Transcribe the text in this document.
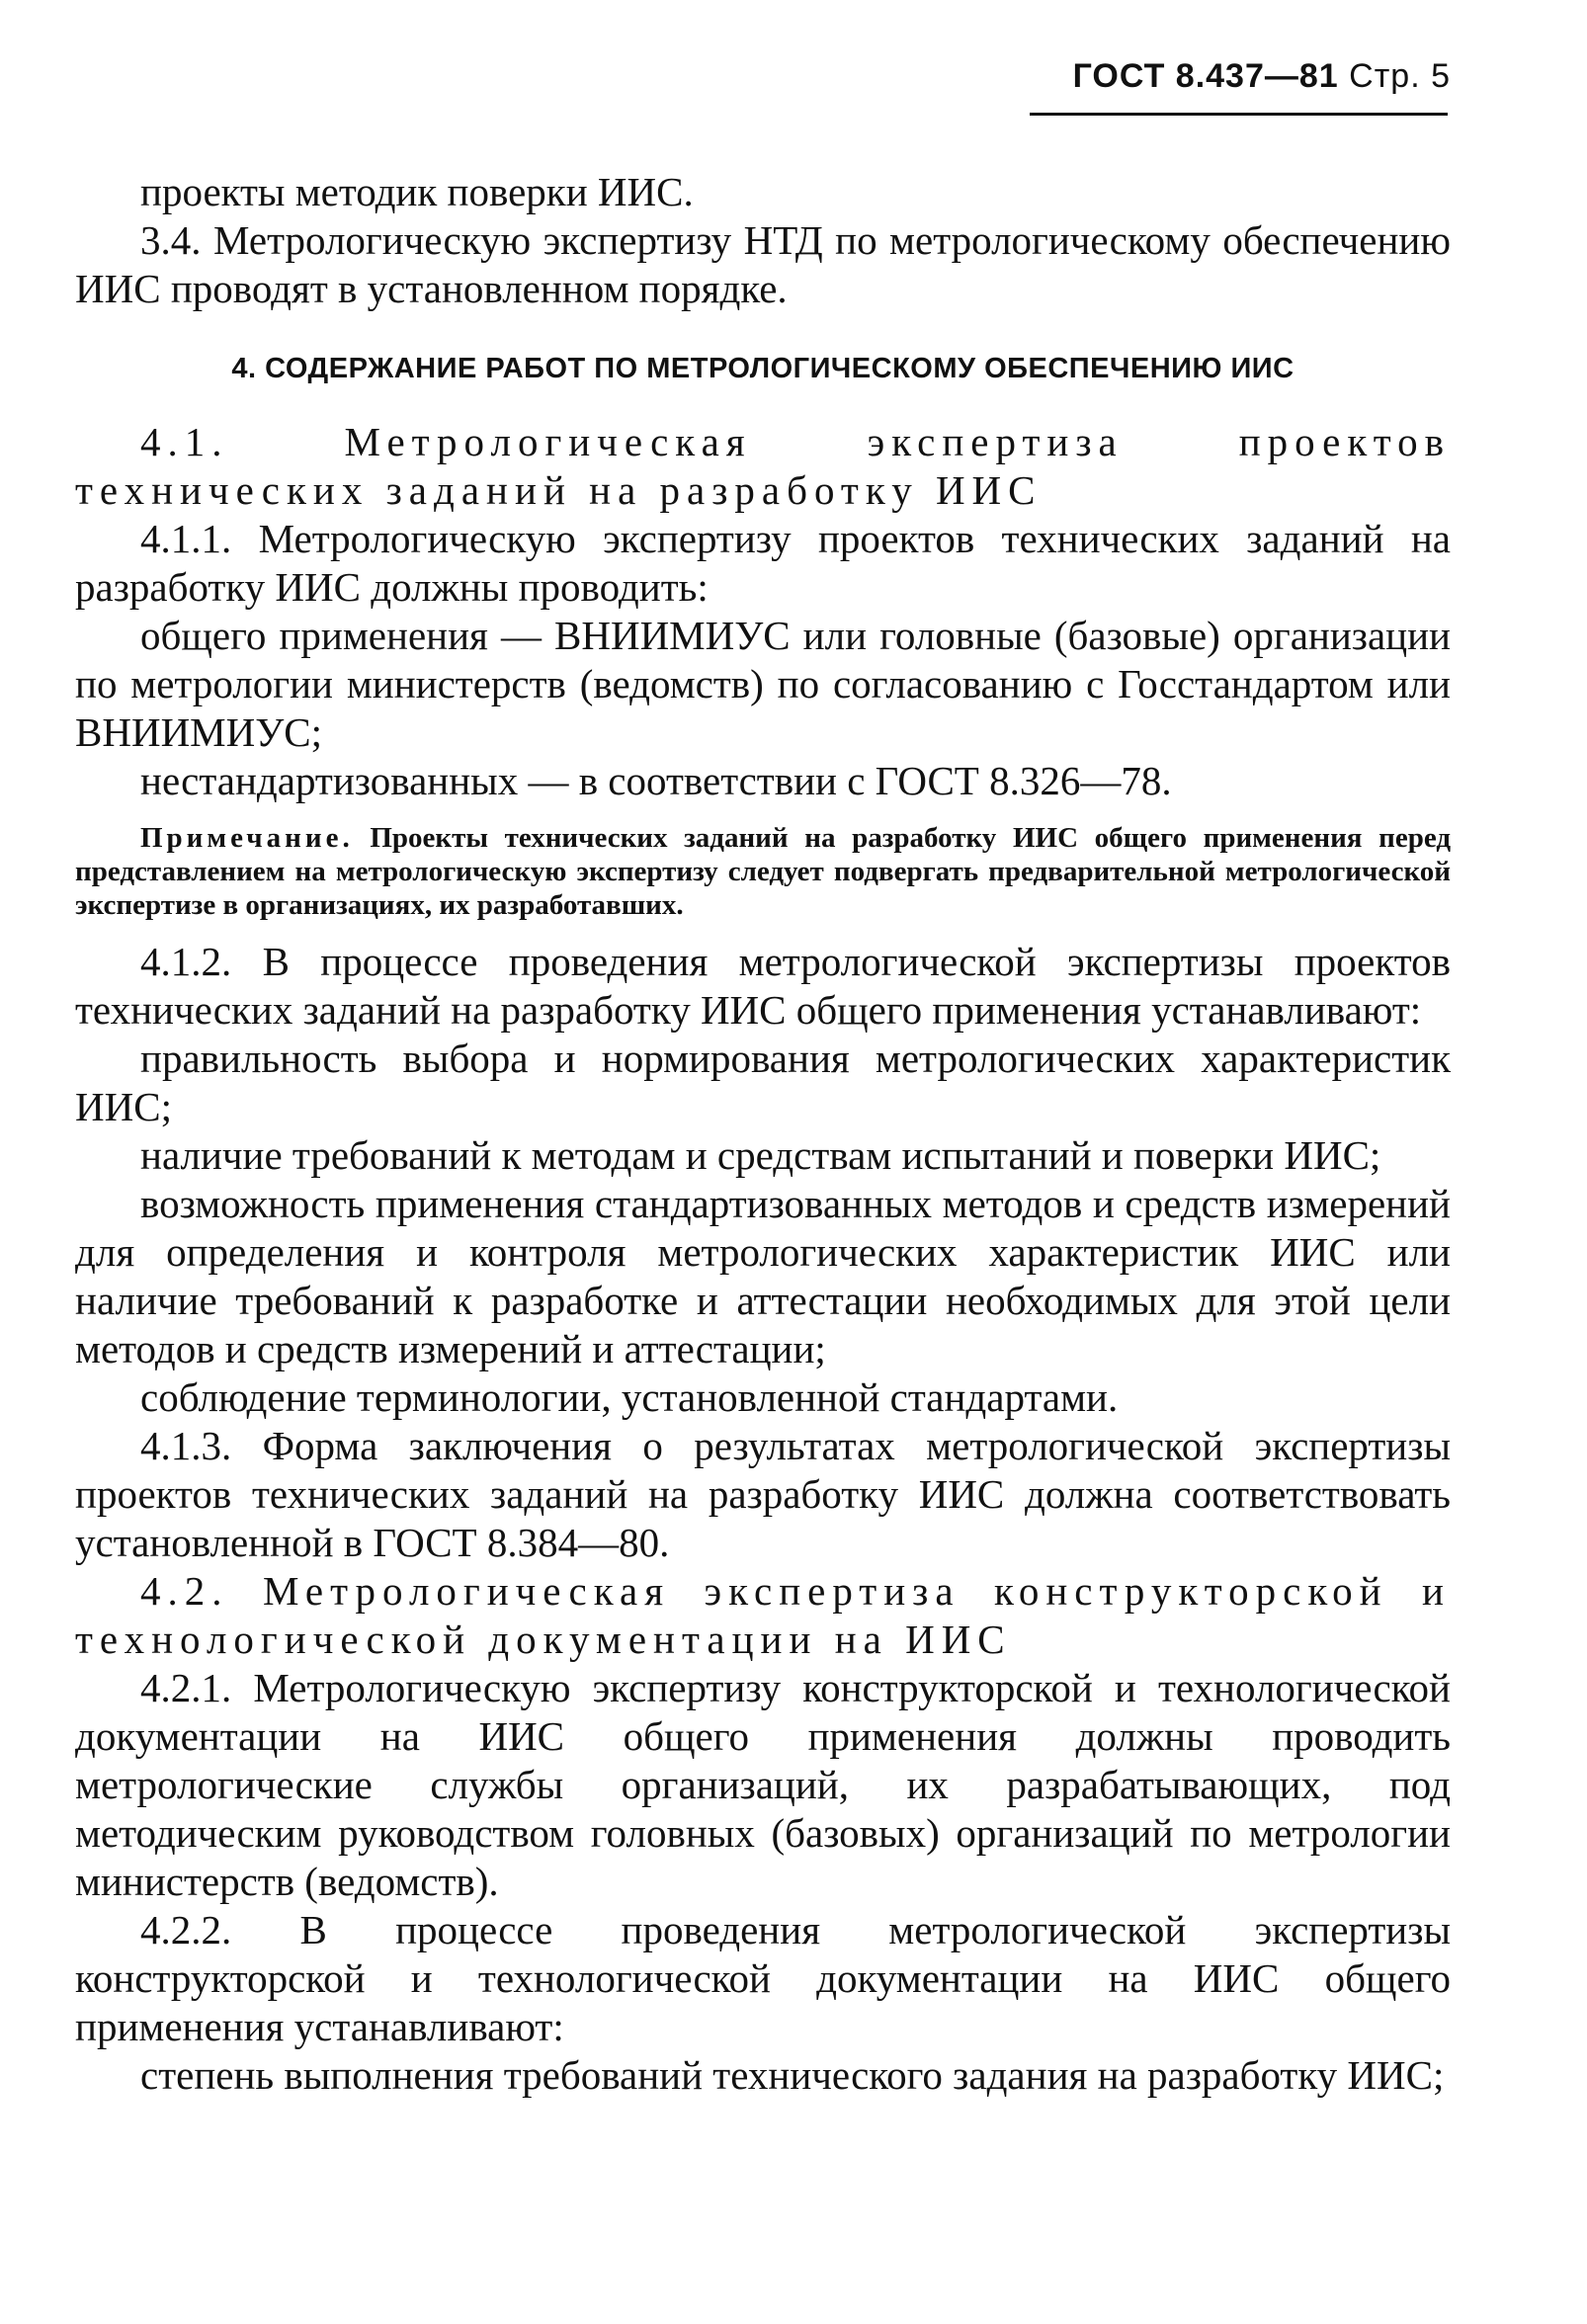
ГОСТ 8.437—81 Стр. 5

проекты методик поверки ИИС.

3.4. Метрологическую экспертизу НТД по метрологическому обеспечению ИИС проводят в установленном порядке.

4. СОДЕРЖАНИЕ РАБОТ ПО МЕТРОЛОГИЧЕСКОМУ ОБЕСПЕЧЕНИЮ ИИС

4.1. Метрологическая экспертиза проектов технических заданий на разработку ИИС

4.1.1. Метрологическую экспертизу проектов технических заданий на разработку ИИС должны проводить:

общего применения — ВНИИМИУС или головные (базовые) организации по метрологии министерств (ведомств) по согласованию с Госстандартом или ВНИИМИУС;

нестандартизованных — в соответствии с ГОСТ 8.326—78.

Примечание. Проекты технических заданий на разработку ИИС общего применения перед представлением на метрологическую экспертизу следует подвергать предварительной метрологической экспертизе в организациях, их разработавших.

4.1.2. В процессе проведения метрологической экспертизы проектов технических заданий на разработку ИИС общего применения устанавливают:

правильность выбора и нормирования метрологических характеристик ИИС;

наличие требований к методам и средствам испытаний и поверки ИИС;

возможность применения стандартизованных методов и средств измерений для определения и контроля метрологических характеристик ИИС или наличие требований к разработке и аттестации необходимых для этой цели методов и средств измерений и аттестации;

соблюдение терминологии, установленной стандартами.

4.1.3. Форма заключения о результатах метрологической экспертизы проектов технических заданий на разработку ИИС должна соответствовать установленной в ГОСТ 8.384—80.

4.2. Метрологическая экспертиза конструкторской и технологической документации на ИИС

4.2.1. Метрологическую экспертизу конструкторской и технологической документации на ИИС общего применения должны проводить метрологические службы организаций, их разрабатывающих, под методическим руководством головных (базовых) организаций по метрологии министерств (ведомств).

4.2.2. В процессе проведения метрологической экспертизы конструкторской и технологической документации на ИИС общего применения устанавливают:

степень выполнения требований технического задания на разработку ИИС;
